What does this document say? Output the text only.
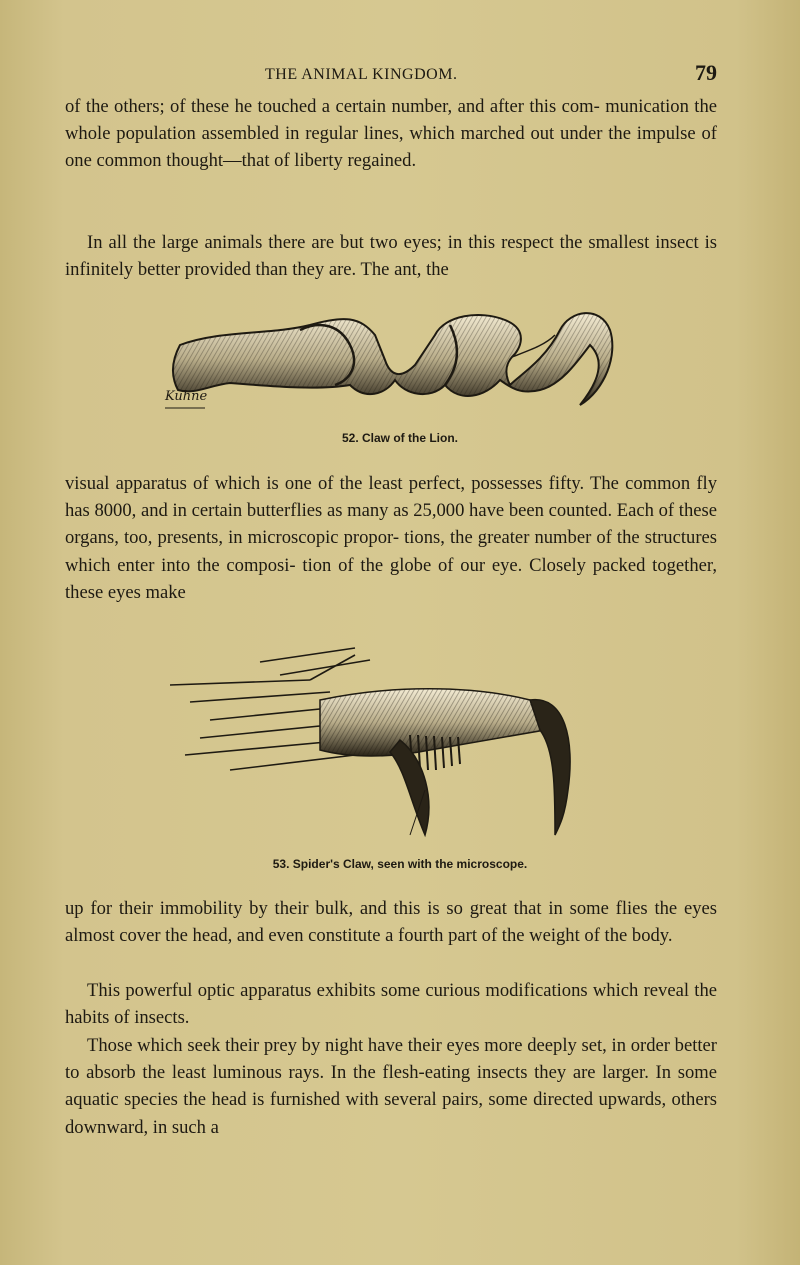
THE ANIMAL KINGDOM.	79

of the others; of these he touched a certain number, and after this com- munication the whole population assembled in regular lines, which marched out under the impulse of one common thought—that of liberty regained.

In all the large animals there are but two eyes; in this respect the smallest insect is infinitely better provided than they are. The ant, the

Kuhne
52. Claw of the Lion.

visual apparatus of which is one of the least perfect, possesses fifty. The common fly has 8000, and in certain butterflies as many as 25,000 have been counted. Each of these organs, too, presents, in microscopic propor- tions, the greater number of the structures which enter into the composi- tion of the globe of our eye. Closely packed together, these eyes make

53. Spider's Claw, seen with the microscope.

up for their immobility by their bulk, and this is so great that in some flies the eyes almost cover the head, and even constitute a fourth part of the weight of the body.

This powerful optic apparatus exhibits some curious modifications which reveal the habits of insects.

Those which seek their prey by night have their eyes more deeply set, in order better to absorb the least luminous rays. In the flesh-eating insects they are larger. In some aquatic species the head is furnished with several pairs, some directed upwards, others downward, in such a
